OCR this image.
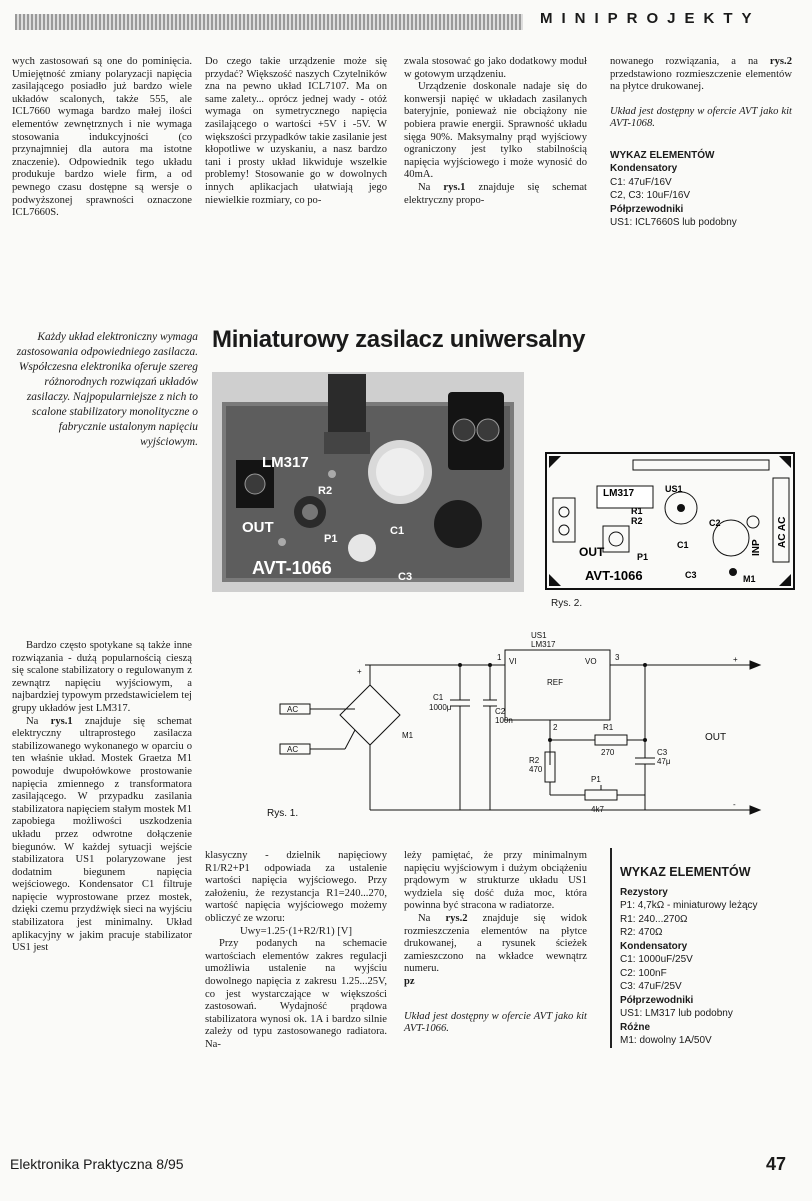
MINIPROJEKTY

wych zastosowań są one do pominięcia. Umiejętność zmiany polaryzacji napięcia zasilającego posiadło już bardzo wiele układów scalonych, także 555, ale ICL7660 wymaga bardzo małej ilości elementów zewnętrznych i nie wymaga stosowania indukcyjności (co przynajmniej dla autora ma istotne znaczenie). Odpowiednik tego układu produkuje bardzo wiele firm, a od pewnego czasu dostępne są wersje o podwyższonej sprawności oznaczone ICL7660S.

Do czego takie urządzenie może się przydać? Większość naszych Czytelników zna na pewno układ ICL7107. Ma on same zalety... oprócz jednej wady - otóż wymaga on symetrycznego napięcia zasilającego o wartości +5V i -5V. W większości przypadków takie zasilanie jest kłopotliwe w uzyskaniu, a nasz bardzo tani i prosty układ likwiduje wszelkie problemy! Stosowanie go w dowolnych innych aplikacjach ułatwiają jego niewielkie rozmiary, co po-

zwala stosować go jako dodatkowy moduł w gotowym urządzeniu.

Urządzenie doskonale nadaje się do konwersji napięć w układach zasilanych bateryjnie, ponieważ nie obciążony nie pobiera prawie energii. Sprawność układu sięga 90%. Maksymalny prąd wyjściowy ograniczony jest tylko stabilnością napięcia wyjściowego i może wynosić do 40mA.

Na rys.1 znajduje się schemat elektryczny propo-

nowanego rozwiązania, a na rys.2 przedstawiono rozmieszczenie elementów na płytce drukowanej.

Układ jest dostępny w ofercie AVT jako kit AVT-1068.

WYKAZ ELEMENTÓW
Kondensatory
C1: 47uF/16V
C2, C3: 10uF/16V
Półprzewodniki
US1: ICL7660S lub podobny
Każdy układ elektroniczny wymaga zastosowania odpowiedniego zasilacza. Współczesna elektronika oferuje szereg różnorodnych rozwiązań układów zasilaczy. Najpopularniejsze z nich to scalone stabilizatory monolityczne o fabrycznie ustalonym napięciu wyjściowym.
Miniaturowy zasilacz uniwersalny
LM317
R2
OUT
P1
C1
C3
AVT-1066
LM317	US1
R1
R2
OUT	P1
C1
C2
C3
INP AC AC
M1
AVT-1066
Rys. 2.
US1
LM317
VI	VO
REF
1
2
3
AC
AC
M1
+
+
-
C1
1000μ	C2
100n
R1
270
R2
470
C3
47μ
P1
4k7
OUT
Rys. 1.

Bardzo często spotykane są także inne rozwiązania - dużą popularnością cieszą się scalone stabilizatory o regulowanym z zewnątrz napięciu wyjściowym, a najbardziej typowym przedstawicielem tej grupy układów jest LM317.

Na rys.1 znajduje się schemat elektryczny ultraprostego zasilacza stabilizowanego wykonanego w oparciu o ten właśnie układ. Mostek Graetza M1 powoduje dwupołówkowe prostowanie napięcia zmiennego z transformatora zasilającego. W przypadku zasilania stabilizatora napięciem stałym mostek M1 zapobiega możliwości uszkodzenia układu przez odwrotne dołączenie biegunów. W każdej sytuacji wejście stabilizatora US1 polaryzowane jest dodatnim biegunem napięcia wejściowego. Kondensator C1 filtruje napięcie wyprostowane przez mostek, dzięki czemu przydźwięk sieci na wyjściu stabilizatora jest minimalny. Układ aplikacyjny w jakim pracuje stabilizator US1 jest

klasyczny - dzielnik napięciowy R1/R2+P1 odpowiada za ustalenie wartości napięcia wyjściowego. Przy założeniu, że rezystancja R1=240...270, wartość napięcia wyjściowego możemy obliczyć ze wzoru:

Uwy=1.25·(1+R2/R1) [V]

Przy podanych na schemacie wartościach elementów zakres regulacji umożliwia ustalenie na wyjściu dowolnego napięcia z zakresu 1.25...25V, co jest wystarczające w większości zastosowań. Wydajność prądowa stabilizatora wynosi ok. 1A i bardzo silnie zależy od typu zastosowanego radiatora. Na-

leży pamiętać, że przy minimalnym napięciu wyjściowym i dużym obciążeniu prądowym w strukturze układu US1 wydziela się dość duża moc, która powinna być stracona w radiatorze.

Na rys.2 znajduje się widok rozmieszczenia elementów na płytce drukowanej, a rysunek ścieżek zamieszczono na wkładce wewnątrz numeru.

pz

Układ jest dostępny w ofercie AVT jako kit AVT-1066.

WYKAZ ELEMENTÓW
Rezystory
P1: 4,7kΩ - miniaturowy leżący
R1: 240...270Ω
R2: 470Ω
Kondensatory
C1: 1000uF/25V
C2: 100nF
C3: 47uF/25V
Półprzewodniki
US1: LM317 lub podobny
Różne
M1: dowolny 1A/50V
Elektronika Praktyczna 8/95	47
